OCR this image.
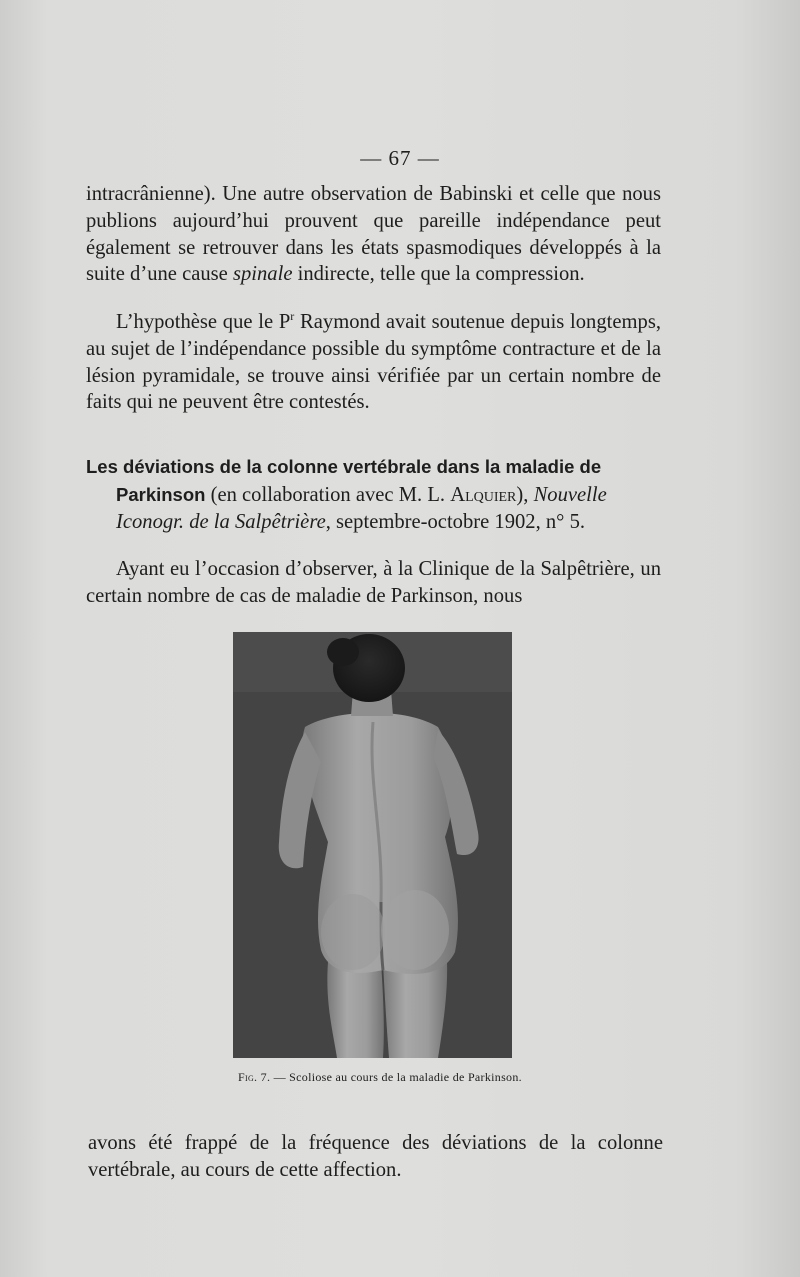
— 67 —

intracrânienne). Une autre observation de Babinski et celle que nous publions aujourd’hui prouvent que pareille indépendance peut également se retrouver dans les états spasmodiques développés à la suite d’une cause spinale indirecte, telle que la compression.

L’hypothèse que le $P^r$ Raymond avait soutenue depuis longtemps, au sujet de l’indépendance possible du symptôme contracture et de la lésion pyramidale, se trouve ainsi vérifiée par un certain nombre de faits qui ne peuvent être contestés.

Les déviations de la colonne vertébrale dans la maladie de
Parkinson (en collaboration avec M. L. Alquier), Nouvelle
Iconogr. de la Salpêtrière, septembre-octobre 1902, n° 5.

Ayant eu l’occasion d’observer, à la Clinique de la Salpêtrière, un certain nombre de cas de maladie de Parkinson, nous

Fig. 7. — Scoliose au cours de la maladie de Parkinson.

avons été frappé de la fréquence des déviations de la colonne vertébrale, au cours de cette affection.
